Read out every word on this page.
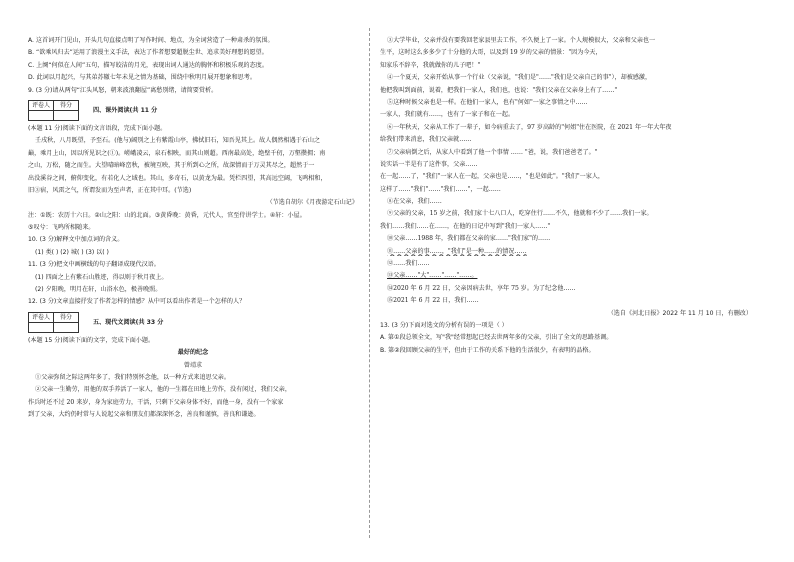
A. 这首词开门见山，开头几句直接点明了写作时间、地点，为全词营造了一种肃杀的氛围。

B. “欲乘风归去”运用了浪漫主义手法，表达了作者想要超脱尘世、追求美好理想的愿望。

C. 上阕“何似在人间”五句，描写皎洁的月光，表现出词人通达的胸怀和积极乐观的态度。

D. 此词以月起兴，与其弟苏辙七年未见之情为基础，围绕中秋明月展开想象和思考。

9. (3 分)请从两句“江头风怒，朝来波浪翻屋”离愁别绪，请简要赏析。

评卷人	得分

四、课外阅读(共 11 分

(本题 11 分)阅读下面的文言语段，完成下面小题。

壬戌秋，八月既望，予至石。(他与)阔别之上有紫霞山亭，拂拭旧石，知吾见其上。故人偶然相遇于石山之

巅，乘月上山，因以所见识之(①)。嵯峨凌云，泉石相映，而其山则超。西南最高处，绝壁千仞，万壑攒拥；南

之山，万松，随之而生。大望晴暗峰峦秋，被境互映，其于所到心之所，故深情而于万灵其尽之，超然于一

出没溪谷之间，俯仰变化，有若化人之域也。其山，多奇石，以黄龙为最。凭栏四望，其高远空阔，飞鸣相和，

旧③宿，风雷之气，所谓发而为至声者，正在其中耳。(节选)

（节选自胡尔《月夜游定石山记》

注：①既：农历十六日。②山之阳：山的北面。③黄昏晚：黄昏，元代人，官至侍讲学士。④轩：小屋。

⑤叹兮：飞鸣所相随来。

10. (3 分)解释文中加点词的含义。

(1) 类( ) (2) 城( ) (3) 以( )

11. (3 分)把文中画横线的句子翻译成现代汉语。

(1) 四面之上有紫石山胜迹，得以则于秋月夜上。

(2) 夕阳晚，明月在轩，山浴水色，极善晚照。

12. (3 分)文章直接抒发了作者怎样的情感？从中可以看出作者是一个怎样的人？

评卷人	得分

五、现代文阅读(共 33 分

(本题 15 分)阅读下面的文字，完成下面小题。

最好的纪念

曾靖求

①父亲弥留之际这两年多了，我们特别怀念他，以一种方式来追思父亲。

②父亲一生勤劳，用他的双手养活了一家人，他的一生都在田地上劳作，没有闲过，我们父亲，

作兵时还不过 20 来岁，身为家庭劳力，干活，只剩下父亲身体不好，而他一身，没有一个家家

到了父亲，大约仍时常与人说起父亲和朋友们都深深怀念，善良和谨慎，善良和谦逊。

③大学毕业，父亲并没有要我回老家县里去工作，不久便上了一家。个人规模很大，父亲和父亲也一

生平，这时这么多多少了十分他的大哥，以及到 19 岁的父亲的情景："因为今天，

知家乐不辞辛，我就做你的儿子吧！"

④一个夏天，父亲开始从事一个行业（父亲说，"我们是"……"我们是父亲自己的事"），却被感激，

他把我叫到面前，说着，把我们一家人，我们也，也说："我们父亲在父亲身上有了……"

⑤这种时候父亲也是一样。在他们一家人，也有"何如"一家之事情之中……

一家人，我们就有……，也有了一家子和在一起。

⑥一年秋天，父亲从工作了一辈子，如今病重去了，97 岁高龄的"何姐"住在医院，在 2021 年一年大年夜

给我们带来消息，我们父亲就……

⑦父亲病倒之后，从家人中看到了他一个事情 …… "爸，说，我们爸爸老了。"

说实话一半是有了这件事，父亲……

在一起……了，"我们"一家人在一起，父亲也是……，"也是如此"。"我们"一家人，

这样了……"我们"……"我们……"，一起……

⑧在父亲，我们……

⑨父亲的父亲，15 岁之前，我们家十七八口人，吃穿住行……不久，他就和不少了……我们一家。

我们……我们……在……，在他的日记中写到"我们一家人……"

⑩父亲……1988 年，我们都在父亲的家……"我们家"的……

⑪……父亲的事……，"我们"是一种……的情况……

⑫……我们……

⑬父亲……"大"……"……"……。

⑭2020 年 6 月 22 日，父亲因病去世，享年 75 岁。为了纪念他……

⑮2021 年 6 月 22 日，我们……

（选自《河北日报》2022 年 11 月 10 日，有删改）

13. (3 分)下面对选文的分析有误的一项是（ ）

A. 第①段总领全文，写"我"经常想起已经去世两年多的父亲，引出了全文的思路基调。

B. 第②段回顾父亲的生平，但由于工作的关系下他的生活很少，有表明的品格。
